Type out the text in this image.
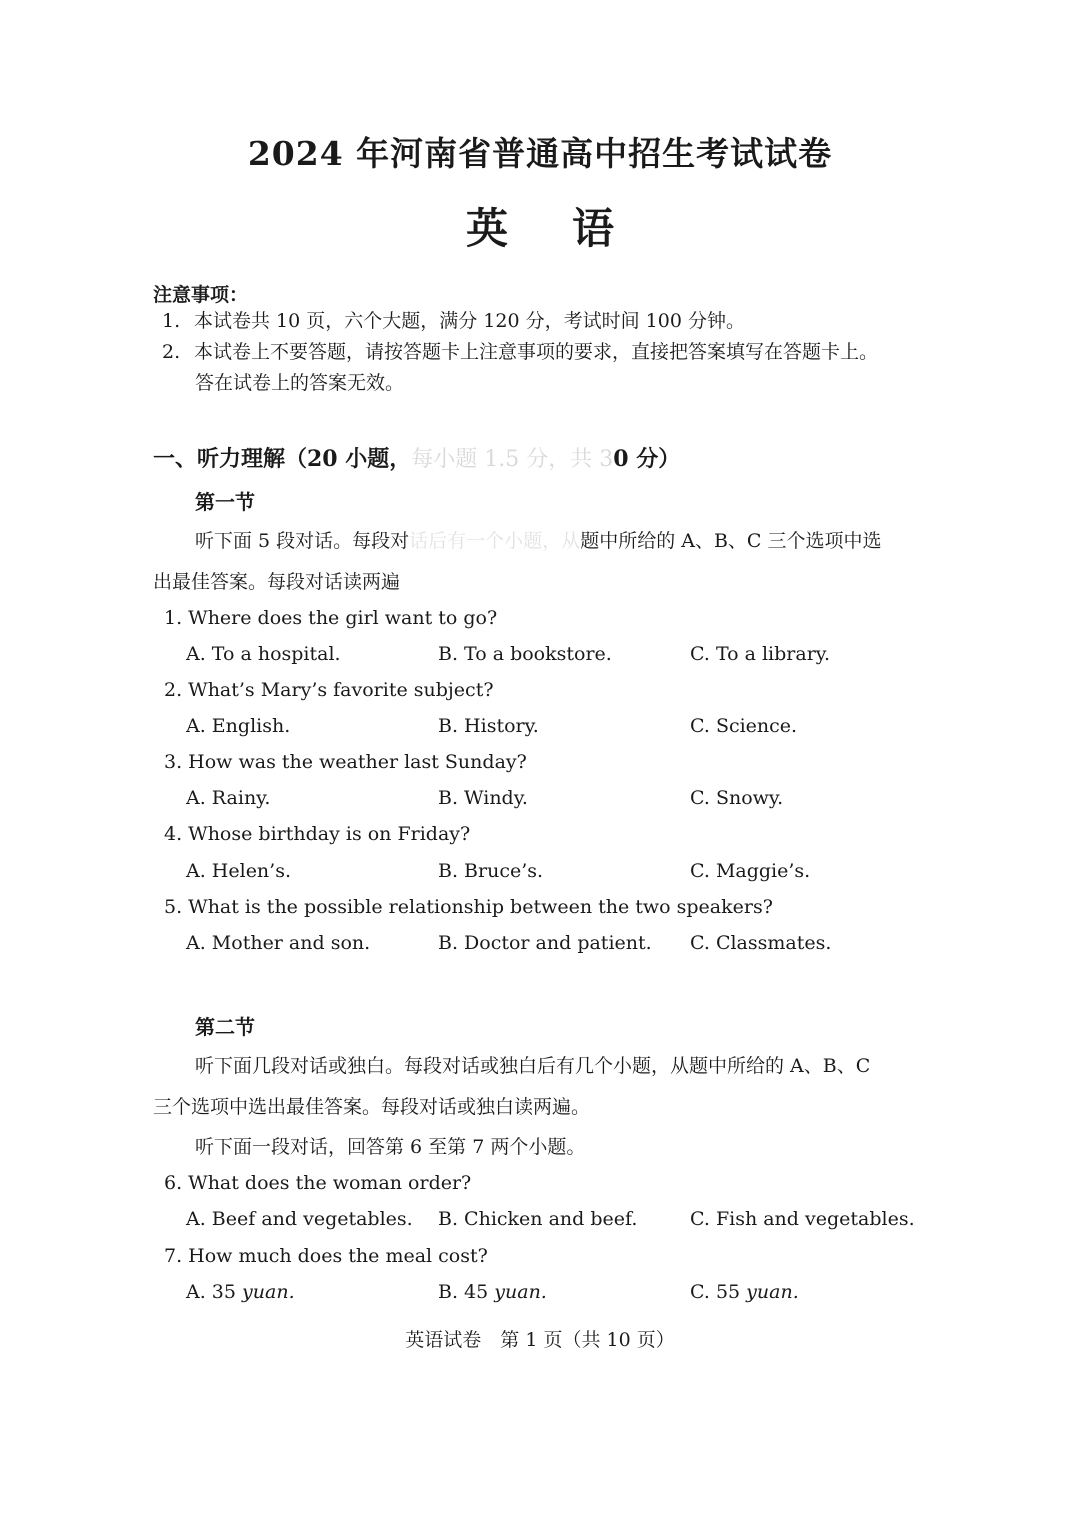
2024 年河南省普通高中招生考试试卷
英语
注意事项：
1. 本试卷共 10 页，六个大题，满分 120 分，考试时间 100 分钟。
2. 本试卷上不要答题，请按答题卡上注意事项的要求，直接把答案填写在答题卡上。
答在试卷上的答案无效。
一、听力理解（20 小题，每小题 1.5 分，共 30 分）
第一节
听下面 5 段对话。每段对话后有一个小题，从题中所给的 A、B、C 三个选项中选
出最佳答案。每段对话读两遍
1. Where does the girl want to go?
A. To a hospital.	B. To a bookstore.	C. To a library.
2. What’s Mary’s favorite subject?
A. English.	B. History.	C. Science.
3. How was the weather last Sunday?
A. Rainy.	B. Windy.	C. Snowy.
4. Whose birthday is on Friday?
A. Helen’s.	B. Bruce’s.	C. Maggie’s.
5. What is the possible relationship between the two speakers?
A. Mother and son.	B. Doctor and patient. C. Classmates.
第二节
听下面几段对话或独白。每段对话或独白后有几个小题，从题中所给的 A、B、C
三个选项中选出最佳答案。每段对话或独白读两遍。
听下面一段对话，回答第 6 至第 7 两个小题。
6. What does the woman order?
A. Beef and vegetables. B. Chicken and beef.	C. Fish and vegetables.
7. How much does the meal cost?
A. 35 yuan.	B. 45 yuan.	C. 55 yuan.
英语试卷　第 1 页（共 10 页）
